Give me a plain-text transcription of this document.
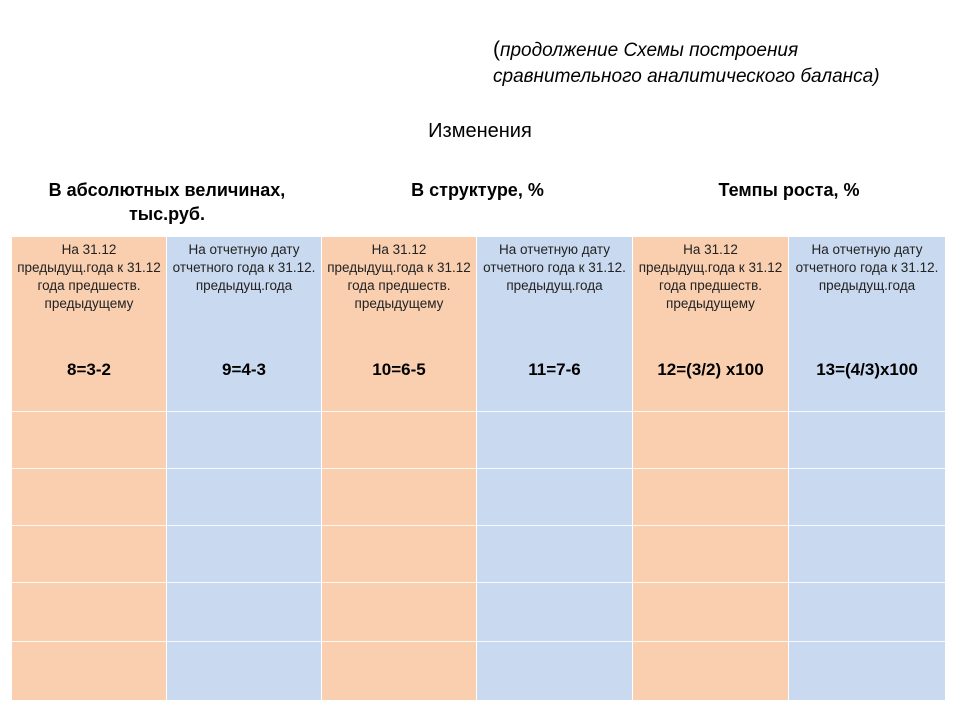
(продолжение Схемы построения сравнительного аналитического баланса)
Изменения
В абсолютных величинах, тыс.руб.
В структуре, %	Темпы роста, %
На 31.12 предыдущ.года к 31.12 года предшеств. предыдущему
8=3-2
На отчетную дату отчетного года к 31.12. предыдущ.года
9=4-3
На 31.12 предыдущ.года к 31.12 года предшеств. предыдущему
10=6-5
На отчетную дату отчетного года к 31.12. предыдущ.года
11=7-6
На 31.12 предыдущ.года к 31.12 года предшеств. предыдущему
12=(3/2) х100
На отчетную дату отчетного года к 31.12. предыдущ.года
13=(4/3)х100
